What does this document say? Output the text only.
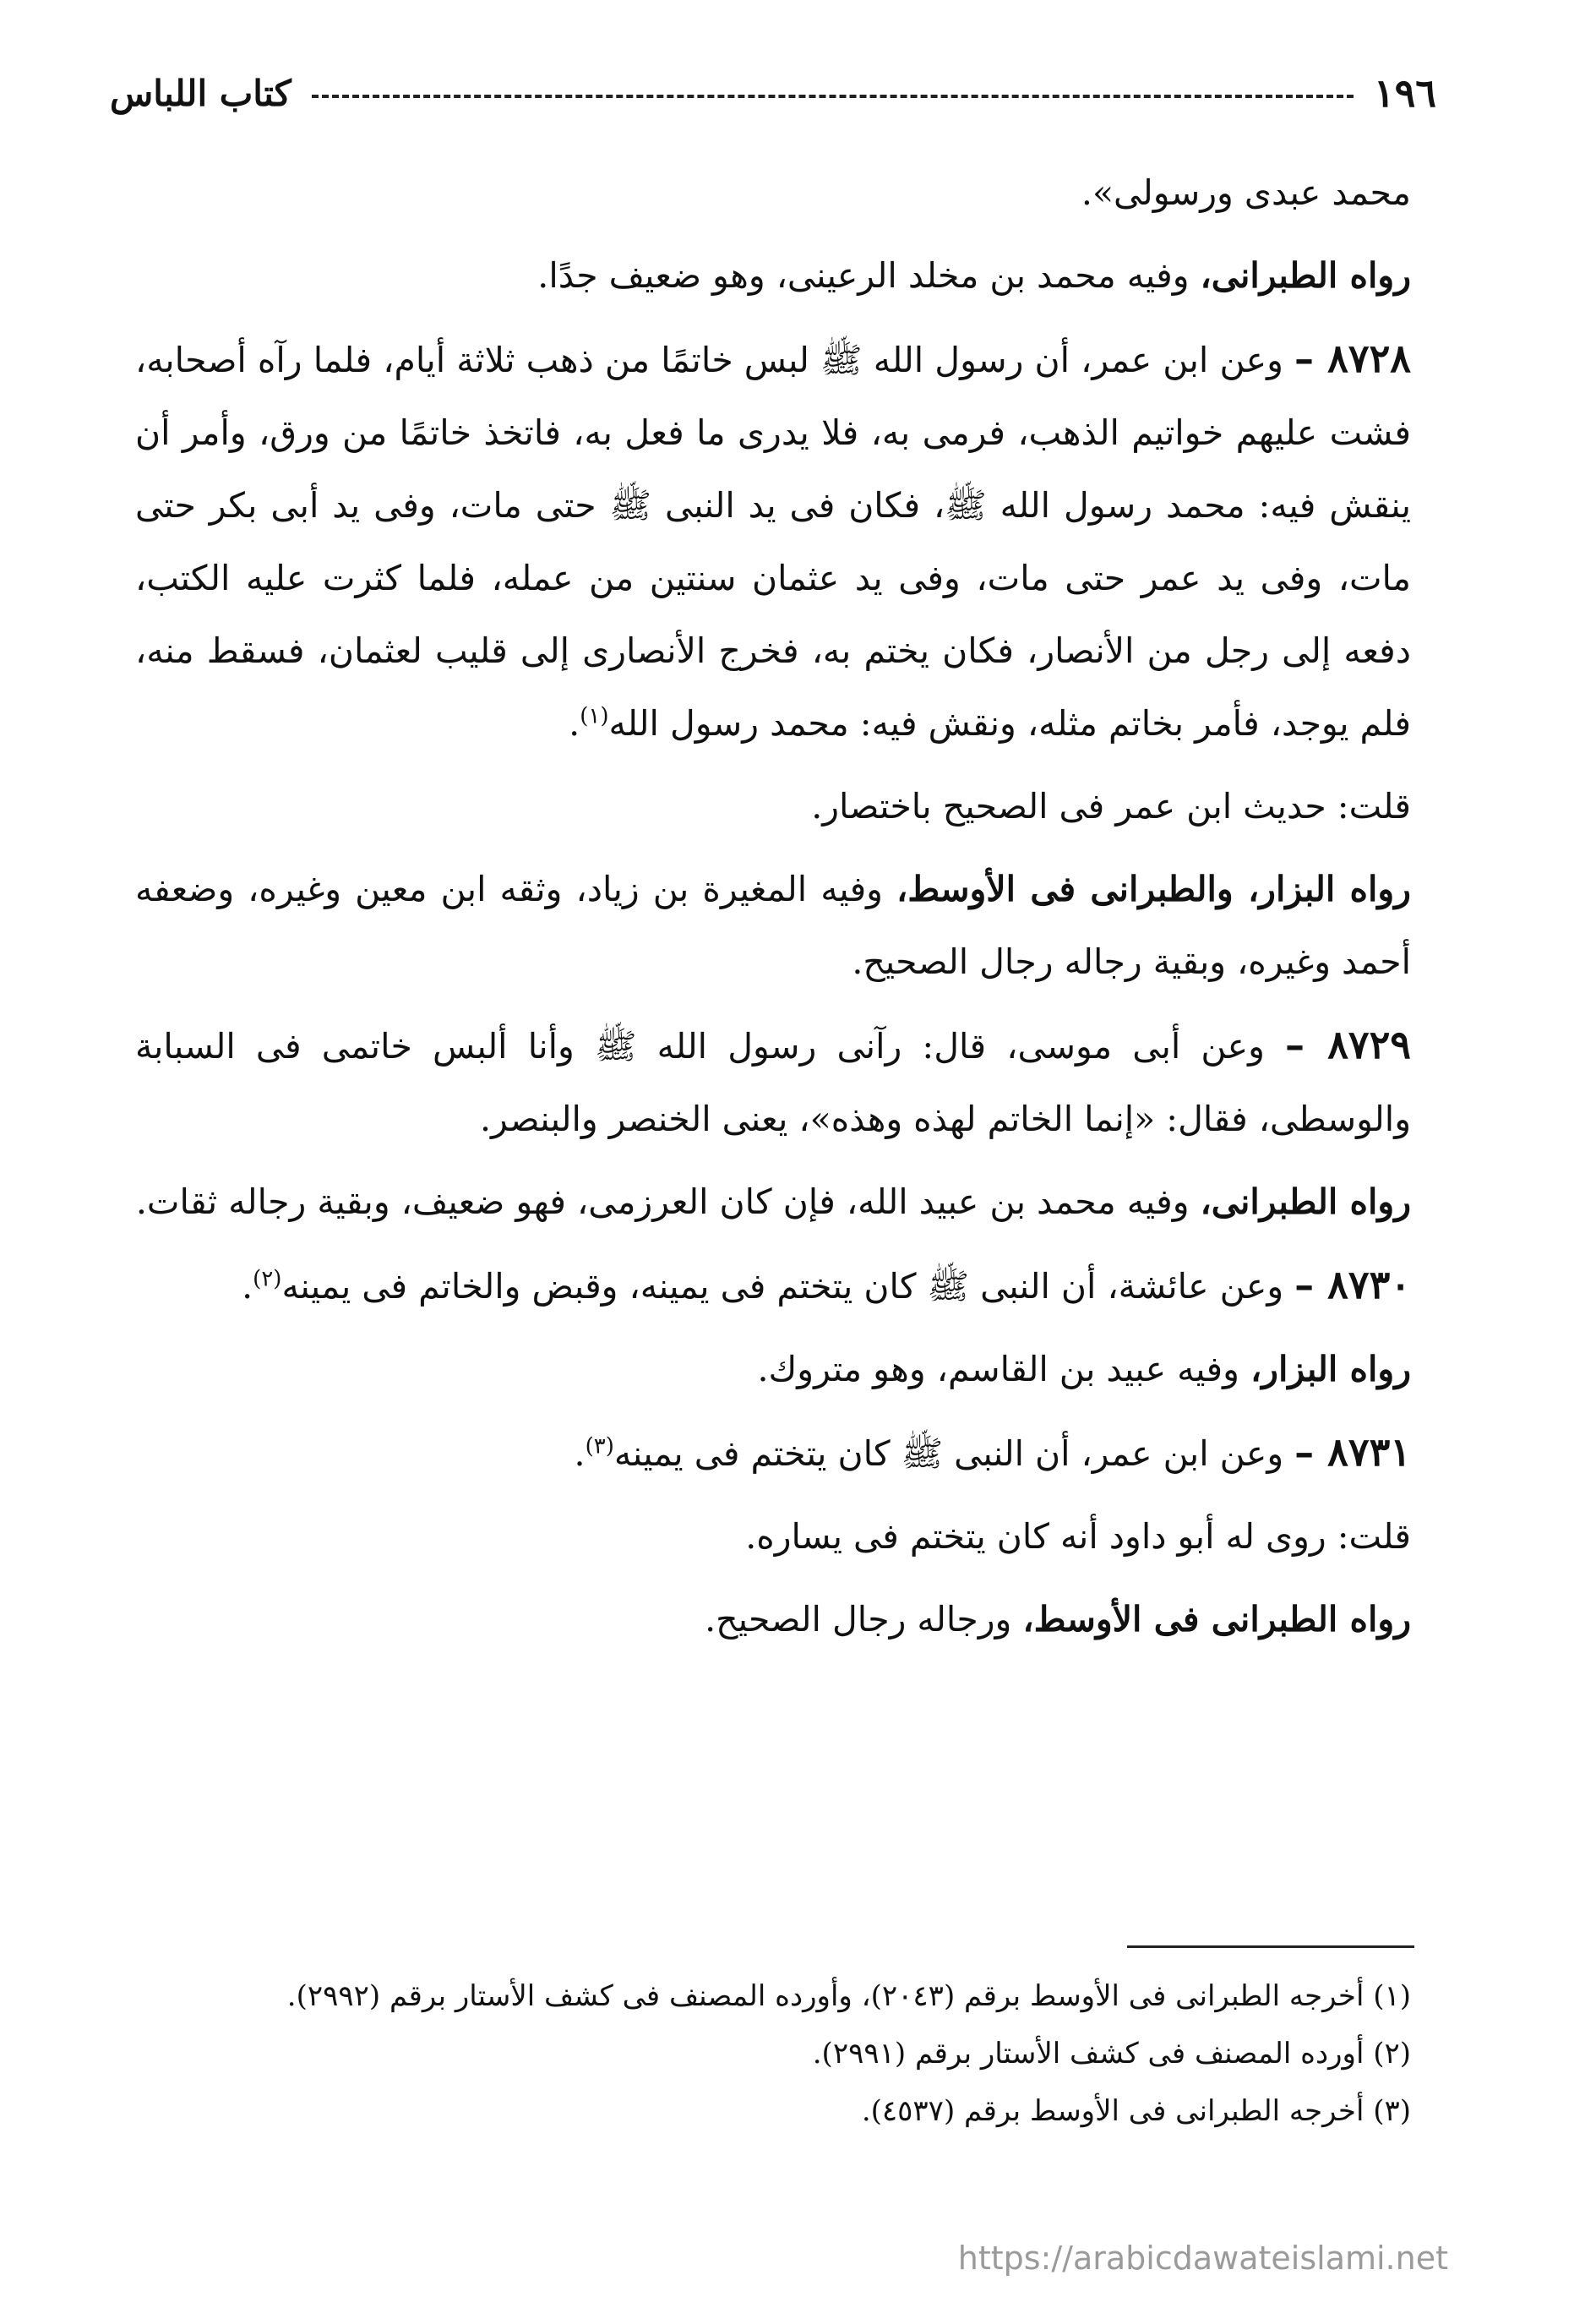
١٩٦
كتاب اللباس

محمد عبدى ورسولى».

رواه الطبرانى، وفيه محمد بن مخلد الرعينى، وهو ضعيف جدًا.

٨٧٢٨ – وعن ابن عمر، أن رسول الله ﷺ لبس خاتمًا من ذهب ثلاثة أيام، فلما رآه أصحابه، فشت عليهم خواتيم الذهب، فرمى به، فلا يدرى ما فعل به، فاتخذ خاتمًا من ورق، وأمر أن ينقش فيه: محمد رسول الله ﷺ، فكان فى يد النبى ﷺ حتى مات، وفى يد أبى بكر حتى مات، وفى يد عمر حتى مات، وفى يد عثمان سنتين من عمله، فلما كثرت عليه الكتب، دفعه إلى رجل من الأنصار، فكان يختم به، فخرج الأنصارى إلى قليب لعثمان، فسقط منه، فلم يوجد، فأمر بخاتم مثله، ونقش فيه: محمد رسول الله$^{(١)}$.

قلت: حديث ابن عمر فى الصحيح باختصار.

رواه البزار، والطبرانى فى الأوسط، وفيه المغيرة بن زياد، وثقه ابن معين وغيره، وضعفه أحمد وغيره، وبقية رجاله رجال الصحيح.

٨٧٢٩ – وعن أبى موسى، قال: رآنى رسول الله ﷺ وأنا ألبس خاتمى فى السبابة والوسطى، فقال: «إنما الخاتم لهذه وهذه»، يعنى الخنصر والبنصر.

رواه الطبرانى، وفيه محمد بن عبيد الله، فإن كان العرزمى، فهو ضعيف، وبقية رجاله ثقات.

٨٧٣٠ – وعن عائشة، أن النبى ﷺ كان يتختم فى يمينه، وقبض والخاتم فى يمينه$^{(٢)}$.

رواه البزار، وفيه عبيد بن القاسم، وهو متروك.

٨٧٣١ – وعن ابن عمر، أن النبى ﷺ كان يتختم فى يمينه$^{(٣)}$.

قلت: روى له أبو داود أنه كان يتختم فى يساره.

رواه الطبرانى فى الأوسط، ورجاله رجال الصحيح.

(١) أخرجه الطبرانى فى الأوسط برقم (٢٠٤٣)، وأورده المصنف فى كشف الأستار برقم (٢٩٩٢).

(٢) أورده المصنف فى كشف الأستار برقم (٢٩٩١).

(٣) أخرجه الطبرانى فى الأوسط برقم (٤٥٣٧).

https://arabicdawateislami.net
